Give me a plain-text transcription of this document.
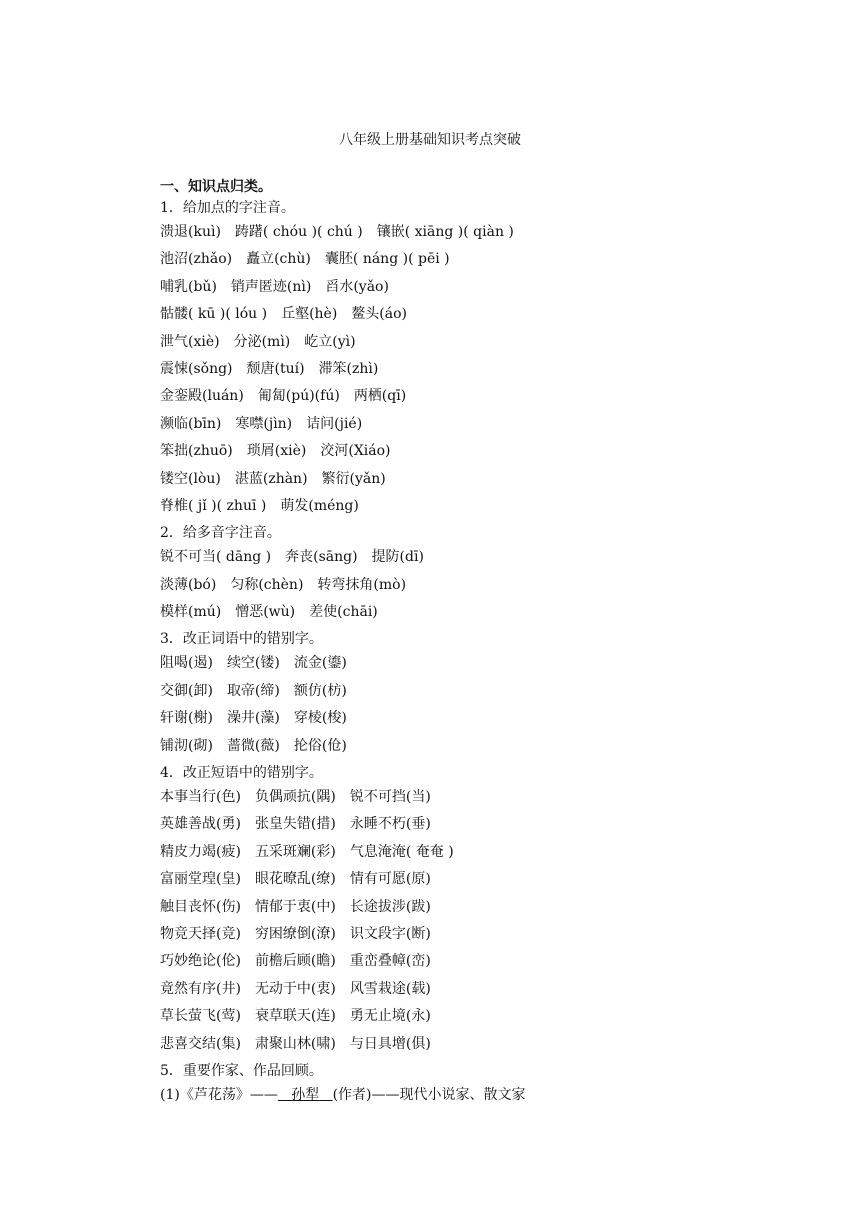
八年级上册基础知识考点突破
一、知识点归类。
1．给加点的字注音。
溃退(kuì) 踌躇( chóu )( chú ) 镶嵌( xiāng )( qiàn )
池沼(zhǎo) 矗立(chù) 囊胚( náng )( pēi )
哺乳(bǔ) 销声匿迹(nì) 舀水(yǎo)
骷髅( kū )( lóu ) 丘壑(hè) 鳌头(áo)
泄气(xiè) 分泌(mì) 屹立(yì)
震悚(sǒng) 颓唐(tuí) 滞笨(zhì)
金銮殿(luán) 匍匐(pú)(fú) 两栖(qī)
濒临(bīn) 寒噤(jìn) 诘问(jié)
笨拙(zhuō) 琐屑(xiè) 洨河(Xiáo)
镂空(lòu) 湛蓝(zhàn) 繁衍(yǎn)
脊椎( jǐ )( zhuī ) 萌发(méng)
2．给多音字注音。
锐不可当( dāng ) 奔丧(sāng) 提防(dī)
淡薄(bó) 匀称(chèn) 转弯抹角(mò)
模样(mú) 憎恶(wù) 差使(chāi)
3．改正词语中的错别字。
阻喝(遏) 续空(镂) 流金(鎏)
交御(卸) 取帝(缔) 额仿(枋)
轩谢(榭) 澡井(藻) 穿棱(梭)
铺沏(砌) 蔷微(薇) 抡俗(伧)
4．改正短语中的错别字。
本事当行(色) 负偶顽抗(隅) 锐不可挡(当)
英雄善战(勇) 张皇失错(措) 永睡不朽(垂)
精皮力竭(疲) 五采斑斓(彩) 气息淹淹( 奄奄 )
富丽堂瑝(皇) 眼花暸乱(缭) 情有可愿(原)
触目丧怀(伤) 情郁于衷(中) 长途拔涉(跋)
物竞天择(竞) 穷困缭倒(潦) 识文段字(断)
巧妙绝论(伦) 前檐后顾(瞻) 重峦叠幛(峦)
竟然有序(井) 无动于中(衷) 风雪栽途(载)
草长萤飞(莺) 衰草联天(连) 勇无止境(永)
悲喜交结(集) 肃聚山林(啸) 与日具增(俱)
5．重要作家、作品回顾。
(1)《芦花荡》—— 孙犁 (作者)——现代小说家、散文家
